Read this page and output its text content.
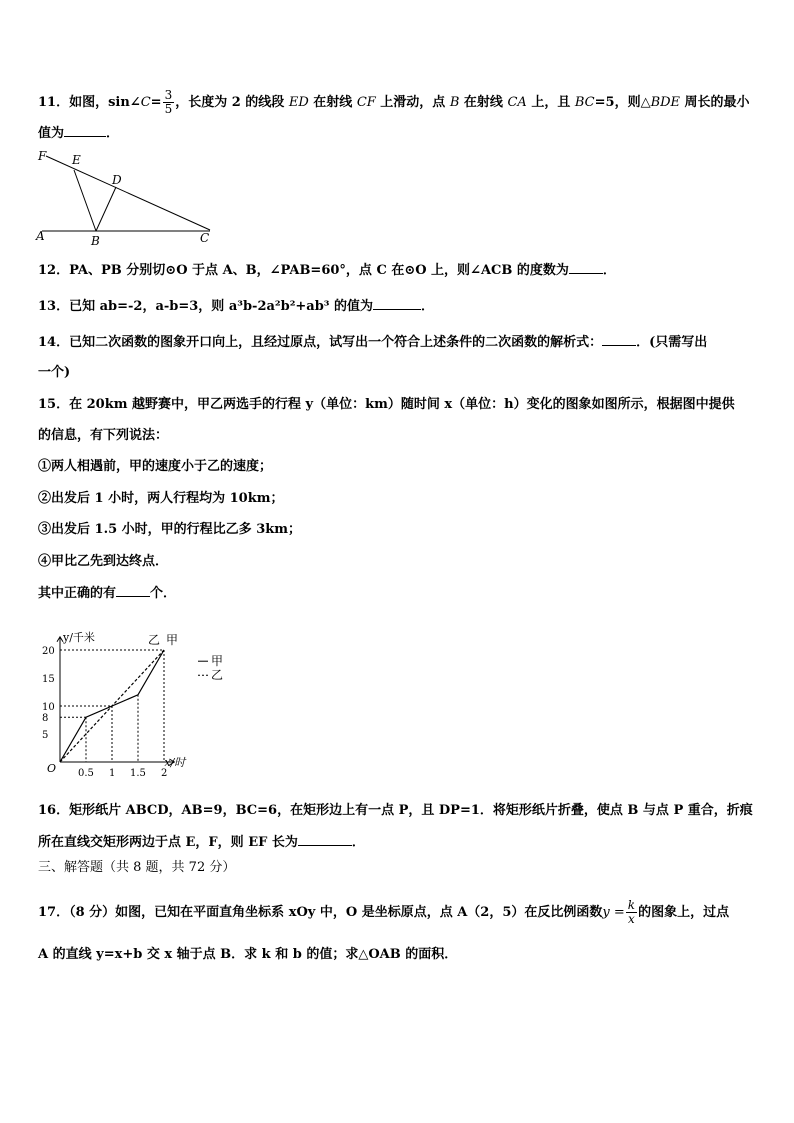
11．如图，sin∠C= $\frac{3}{5}$ ，长度为 2 的线段 ED 在射线 CF 上滑动，点 B 在射线 CA 上，且 BC=5，则△BDE 周长的最小
值为	．
F E
D
A	B	C
12．PA、PB 分别切⊙O 于点 A、B，∠PAB=60°，点 C 在⊙O 上，则∠ACB 的度数为	．
13．已知 ab=-2，a-b=3，则 a³b-2a²b²+ab³ 的值为	．
14．已知二次函数的图象开口向上，且经过原点，试写出一个符合上述条件的二次函数的解析式：	．(只需写出
一个)
15．在 20km 越野赛中，甲乙两选手的行程 y（单位：km）随时间 x（单位：h）变化的图象如图所示，根据图中提供
的信息，有下列说法：
①两人相遇前，甲的速度小于乙的速度；
②出发后 1 小时，两人行程均为 10km；
③出发后 1.5 小时，甲的行程比乙多 3km；
④甲比乙先到达终点．
其中正确的有	个．
y/千米
x/时
O 0.5 1 1.5 2
5
8
10
15
20
乙 甲
甲
乙
16．矩形纸片 ABCD，AB=9，BC=6，在矩形边上有一点 P，且 DP=1．将矩形纸片折叠，使点 B 与点 P 重合，折痕
所在直线交矩形两边于点 E，F，则 EF 长为	．
三、解答题（共 8 题，共 72 分）
17．（8 分）如图，已知在平面直角坐标系 xOy 中，O 是坐标原点，点 A（2，5）在反比例函数$y = \frac{k}{x}$ 的图象上，过点
A 的直线 y=x+b 交 x 轴于点 B．求 k 和 b 的值；求△OAB 的面积．
